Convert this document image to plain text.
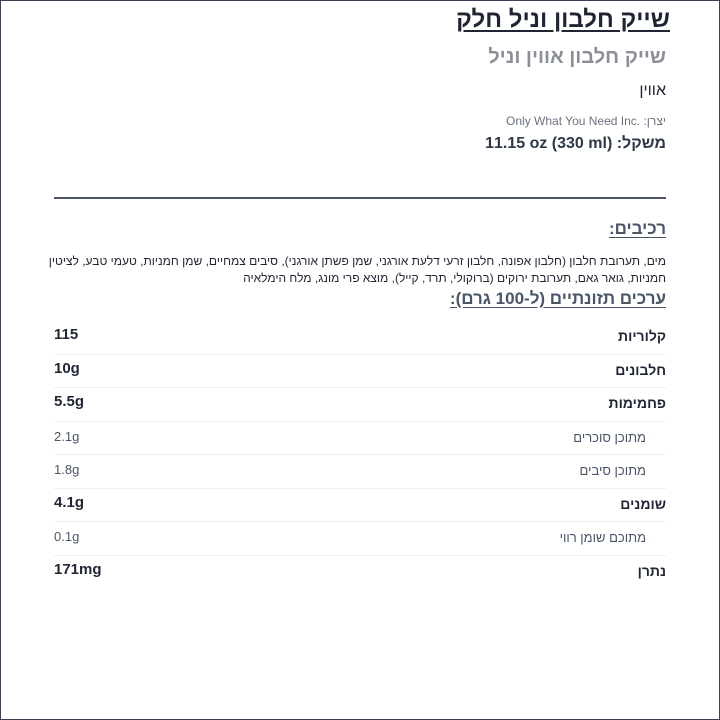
שייק חלבון וניל חלק
שייק חלבון אווין וניל
אווין
יצרן: Only What You Need Inc.
משקל: 11.15 oz (330 ml)
רכיבים:
מים, תערובת חלבון (חלבון אפונה, חלבון זרעי דלעת אורגני, שמן פשתן אורגני), סיבים צמחיים, שמן חמניות, טעמי טבע, לציטין חמניות, גואר גאם, תערובת ירוקים (ברוקולי, תרד, קייל), מוצא פרי מונג, מלח הימלאיה
ערכים תזונתיים (ל-100 גרם):
קלוריות
115
חלבונים
10g
פחמימות
5.5g
מתוכן סוכרים
2.1g
מתוכן סיבים
1.8g
שומנים
4.1g
מתוכם שומן רווי
0.1g
נתרן
171mg
